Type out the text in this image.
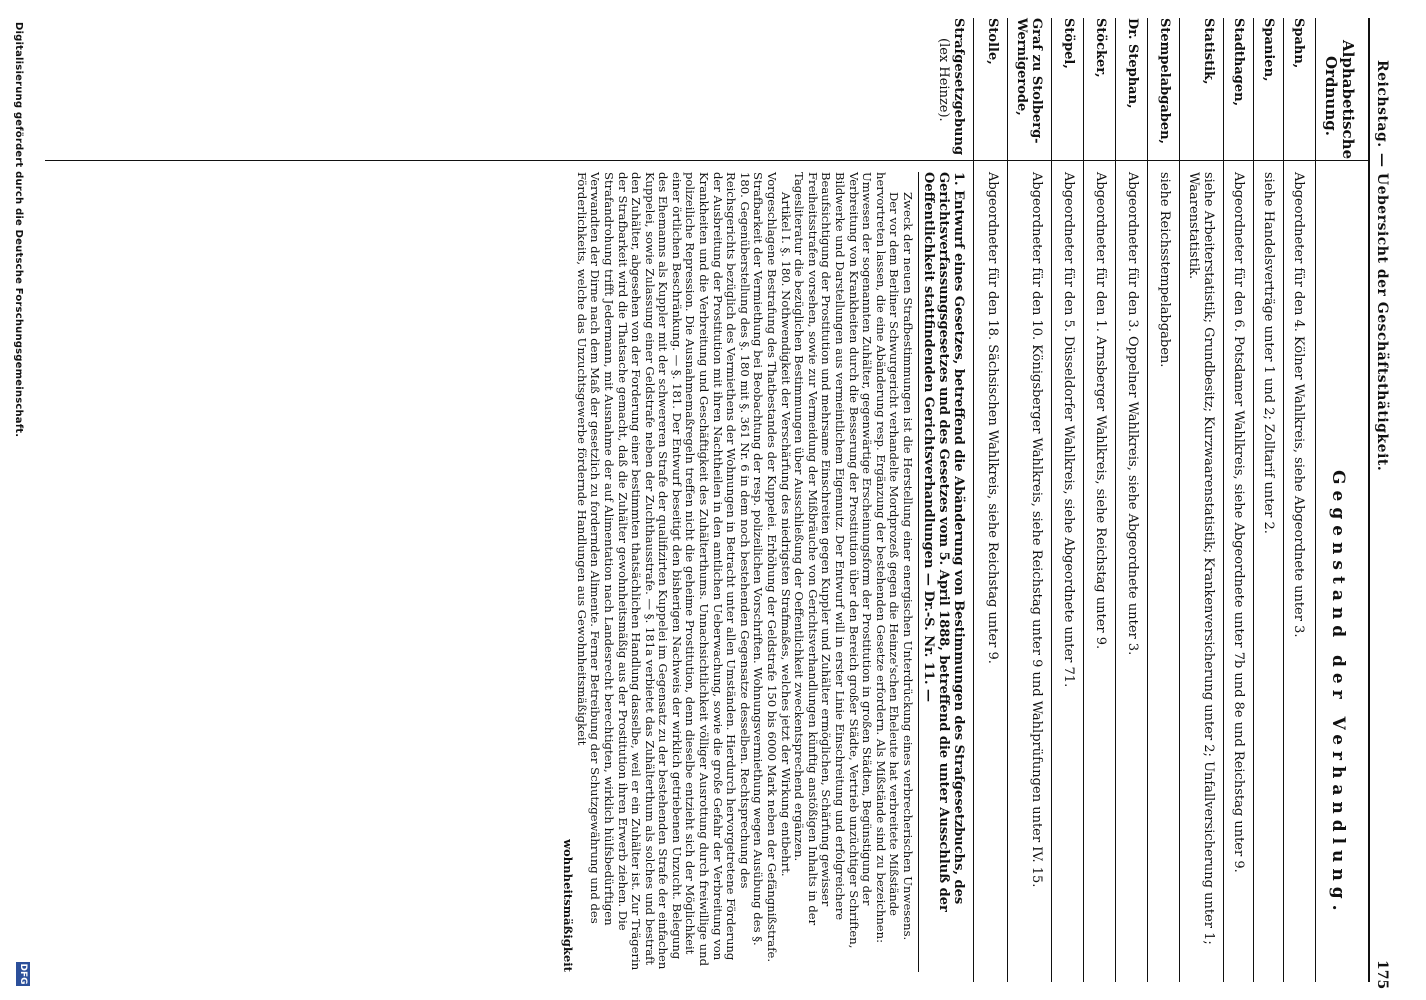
Reichstag. — Uebersicht der Geschäftsthätigkeit.
175
Alphabetische Ordnung.
Gegenstand der Verhandlung.
Spahn,
Abgeordneter für den 4. Kölner Wahlkreis, siehe Abgeordnete unter 3.
Spanien,
siehe Handelsverträge unter 1 und 2; Zolltarif unter 2.
Stadthagen,
Abgeordneter für den 6. Potsdamer Wahlkreis, siehe Abgeordnete unter 7b und 8e und Reichstag unter 9.
Statistik,
siehe Arbeiterstatistik; Grundbesitz; Kurzwaarenstatistik; Krankenversicherung unter 2; Unfallversicherung unter 1; Waarenstatistik.
Stempelabgaben,
siehe Reichsstempelabgaben.
Dr. Stephan,
Abgeordneter für den 3. Oppelner Wahlkreis, siehe Abgeordnete unter 3.
Stöcker,
Abgeordneter für den 1. Arnsberger Wahlkreis, siehe Reichstag unter 9.
Stöpel,
Abgeordneter für den 5. Düsseldorfer Wahlkreis, siehe Abgeordnete unter 71.
Graf zu Stolberg-Wernigerode,
Abgeordneter für den 10. Königsberger Wahlkreis, siehe Reichstag unter 9 und Wahlprüfungen unter IV. 15.
Stolle,
Abgeordneter für den 18. Sächsischen Wahlkreis, siehe Reichstag unter 9.
Strafgesetzgebung
(lex Heinze).
1. Entwurf eines Gesetzes, betreffend die Abänderung von Bestimmungen des Strafgesetzbuchs, des Gerichtsverfassungsgesetzes und des Gesetzes vom 5. April 1888, betreffend die unter Ausschluß der Oeffentlichkeit stattfindenden Gerichtsverhandlungen — Dr.-S. Nr. 11. —

Zweck der neuen Strafbestimmungen ist die Herstellung einer energischen Unterdrückung eines verbrecherischen Unwesens.

Der vor dem Berliner Schwurgericht verhandelte Mordprozeß gegen die Heinze'schen Eheleute hat verbreitete Mißstände hervortreten lassen, die eine Abänderung resp. Ergänzung der bestehenden Gesetze erfordern. Als Mißstände sind zu bezeichnen: Umwesen der sogenannten Zuhälter, gegenwärtige Erscheinungsform der Prostitution in großen Städten, Begünstigung der Verbreitung von Krankheiten durch die Besserung der Prostitution über den Bereich großer Städte, Vertrieb unzüchtiger Schriften, Bildwerke und Darstellungen aus vermeintlichem Eigennutz. Der Entwurf will in erster Linie Einschreitung und erfolgreichere Beaufsichtigung der Prostitution und mehrsame Einschreiten gegen Kuppler und Zuhälter ermöglichen, Schärfung gewisser Freiheitsstrafen vorsehen, sowie zur Vermeidung der Mißbräuche von Gerichtsverhandlungen künftig anstößigen Inhalts in der Tagesliteratur die bezüglichen Bestimmungen über Ausschließung der Oeffentlichkeit zweckentsprechend ergänzen.

Artikel I. §. 180. Nothwendigkeit der Verschärfung des niedrigsten Strafmaßes, welches jetzt der Wirkung entbehrt. Vorgeschlagene Bestrafung des Thatbestandes der Kuppelei. Erhöhung der Geldstrafe 150 bis 6000 Mark neben der Gefängnißstrafe. Strafbarkeit der Vermiethung bei Beobachtung der resp. polizeilichen Vorschriften. Wohnungsvermiethung wegen Ausübung des §. 180. Gegenüberstellung des §. 180 mit §. 361 Nr. 6 in dem noch bestehenden Gegensatze desselben. Rechtsprechung des Reichsgerichts bezüglich des Vermiethens der Wohnungen in Betracht unter allen Umständen. Hierdurch hervorgetretene Förderung der Ausbreitung der Prostitution mit ihren Nachtheilen in den amtlichen Ueberwachung, sowie die große Gefahr der Verbreitung von Krankheiten und die Verbreitung und Geschäftigkeit des Zuhälterthums. Unnachsichtlichkeit völliger Ausrottung durch freiwillige und polizeiliche Repression. Die Ausnahmemaßregeln treffen nicht die geheime Prostitution, denn dieselbe entzieht sich der Möglichkeit einer örtlichen Beschränkung. — §. 181. Der Entwurf beseitigt den bisherigen Nachweis der wirklich getriebenen Unzucht. Belegung des Ehemanns als Kuppler mit der schwereren Strafe der qualifizirten Kuppelei im Gegensatz zu der bestehenden Strafe der einfachen Kuppelei, sowie Zulassung einer Geldstrafe neben der Zuchthausstrafe. — §. 181a verbietet das Zuhälterthum als solches und bestraft den Zuhälter, abgesehen von der Forderung einer bestimmten thatsächlichen Handlung dasselbe, weil er ein Zuhälter ist. Zur Trägerin der Strafbarkeit wird die Thatsache gemacht, daß die Zuhälter gewohnheitsmäßig aus der Prostitution ihren Erwerb ziehen. Die Strafandrohung trifft Jedermann, mit Ausnahme der auf Alimentation nach Landesrecht berechtigten, wirklich hülfsbedürftigen Verwandten der Dirne nach dem Maß der gesetzlich zu fordernden Alimente. Ferner Betreibung der Schutzgewährung und des Förderlichkeits, welche das Unzuchtsgewerbe fördernde Handlungen aus Gewohnheitsmäßigkeit

wohnheitsmäßigkeit
Digitalisierung gefördert durch die Deutsche Forschungsgemeinschaft.
DFG
